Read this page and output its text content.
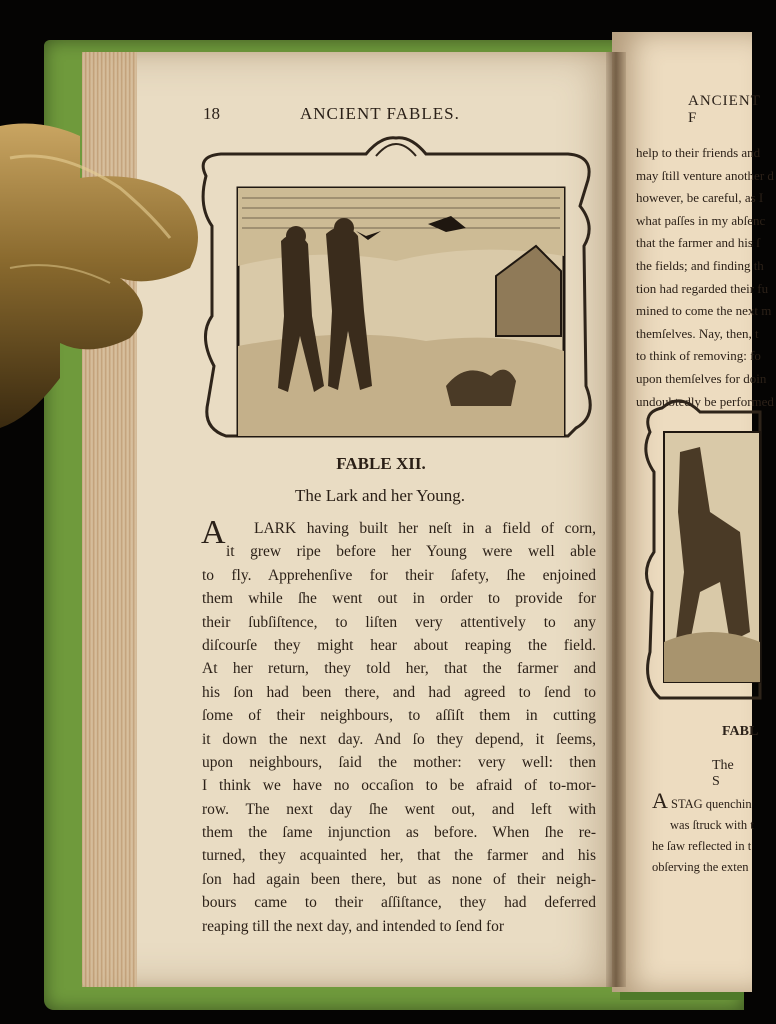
18	ANCIENT FABLES.
FABLE XII.
The Lark and her Young.
A	LARK having built her neſt in a field of corn,
it grew ripe before her Young were well able
to fly. Apprehenſive for their ſafety, ſhe enjoined
them while ſhe went out in order to provide for
their ſubſiſtence, to liſten very attentively to any
diſcourſe they might hear about reaping the field.
At her return, they told her, that the farmer and
his ſon had been there, and had agreed to ſend to
ſome of their neighbours, to aſſiſt them in cutting
it down the next day. And ſo they depend, it ſeems,
upon neighbours, ſaid the mother: very well: then
I think we have no occaſion to be afraid of to-mor-
row. The next day ſhe went out, and left with
them the ſame injunction as before. When ſhe re-
turned, they acquainted her, that the farmer and his
ſon had again been there, but as none of their neigh-
bours came to their aſſiſtance, they had deferred
reaping till the next day, and intended to ſend for
ANCIENT F
help to their friends and
may ſtill venture another d
however, be careful, as I
what paſſes in my abſenc
that the farmer and his ſ
the fields; and finding th
tion had regarded their fu
mined to come the next m
themſelves. Nay, then, t
to think of removing: fo
upon themſelves for doin
undoubtedly be performed
FABL
The S
A STAG quenchin
was ſtruck with t
he ſaw reflected in t
obſerving the exten
